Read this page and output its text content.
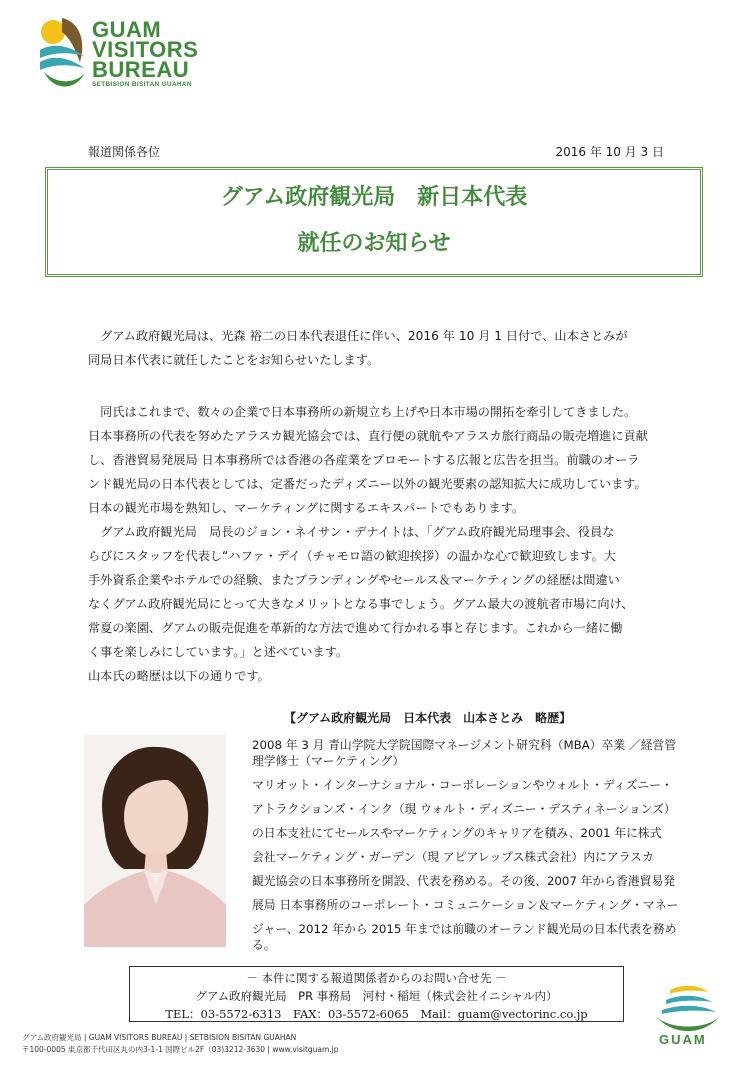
GUAM
VISITORS
BUREAU
SETBISION BISITAN GUAHAN
報道関係各位	2016 年 10 月 3 日
グアム政府観光局　新日本代表
就任のお知らせ

　グアム政府観光局は、光森 裕二の日本代表退任に伴い、2016 年 10 月 1 日付で、山本さとみが

同局日本代表に就任したことをお知らせいたします。

　同氏はこれまで、数々の企業で日本事務所の新規立ち上げや日本市場の開拓を牽引してきました。

日本事務所の代表を努めたアラスカ観光協会では、直行便の就航やアラスカ旅行商品の販売増進に貢献

し、香港貿易発展局 日本事務所では香港の各産業をプロモートする広報と広告を担当。前職のオーラ

ンド観光局の日本代表としては、定番だったディズニー以外の観光要素の認知拡大に成功しています。

日本の観光市場を熟知し、マーケティングに関するエキスパートでもあります。

　グアム政府観光局　局長のジョン・ネイサン・デナイトは、「グアム政府観光局理事会、役員な

らびにスタッフを代表し“ハファ・デイ（チャモロ語の歓迎挨拶）の温かな心で歓迎致します。大

手外資系企業やホテルでの経験、またブランディングやセールス＆マーケティングの経歴は間違い

なくグアム政府観光局にとって大きなメリットとなる事でしょう。グアム最大の渡航者市場に向け、

常夏の楽園、グアムの販売促進を革新的な方法で進めて行かれる事と存じます。これから一緒に働

く事を楽しみにしています。」と述べています。

山本氏の略歴は以下の通りです。

【グアム政府観光局　日本代表　山本さとみ　略歴】

2008 年 3 月 青山学院大学院国際マネージメント研究科（MBA）卒業 ／経営管

理学修士（マーケティング）

マリオット・インターナショナル・コーポレーションやウォルト・ディズニー・

アトラクションズ・インク（現 ウォルト・ディズニー・デスティネーションズ）

の日本支社にてセールスやマーケティングのキャリアを積み、2001 年に株式

会社マーケティング・ガーデン（現 アピアレップス株式会社）内にアラスカ

観光協会の日本事務所を開設、代表を務める。その後、2007 年から香港貿易発

展局 日本事務所のコーポレート・コミュニケーション＆マーケティング・マネー

ジャー、2012 年から 2015 年までは前職のオーランド観光局の日本代表を務め

る。

－ 本件に関する報道関係者からのお問い合せ先 －
グアム政府観光局　PR 事務局　河村・稲垣（株式会社イニシャル内）
TEL：03-5572-6313　FAX：03-5572-6065　Mail：guam@vectorinc.co.jp
GUAM
グアム政府観光局 | GUAM VISITORS BUREAU | SETBISION BISITAN GUAHAN
〒100-0005 東京都千代田区丸の内3-1-1 国際ビル2F（03)3212-3630 | www.visitguam.jp
